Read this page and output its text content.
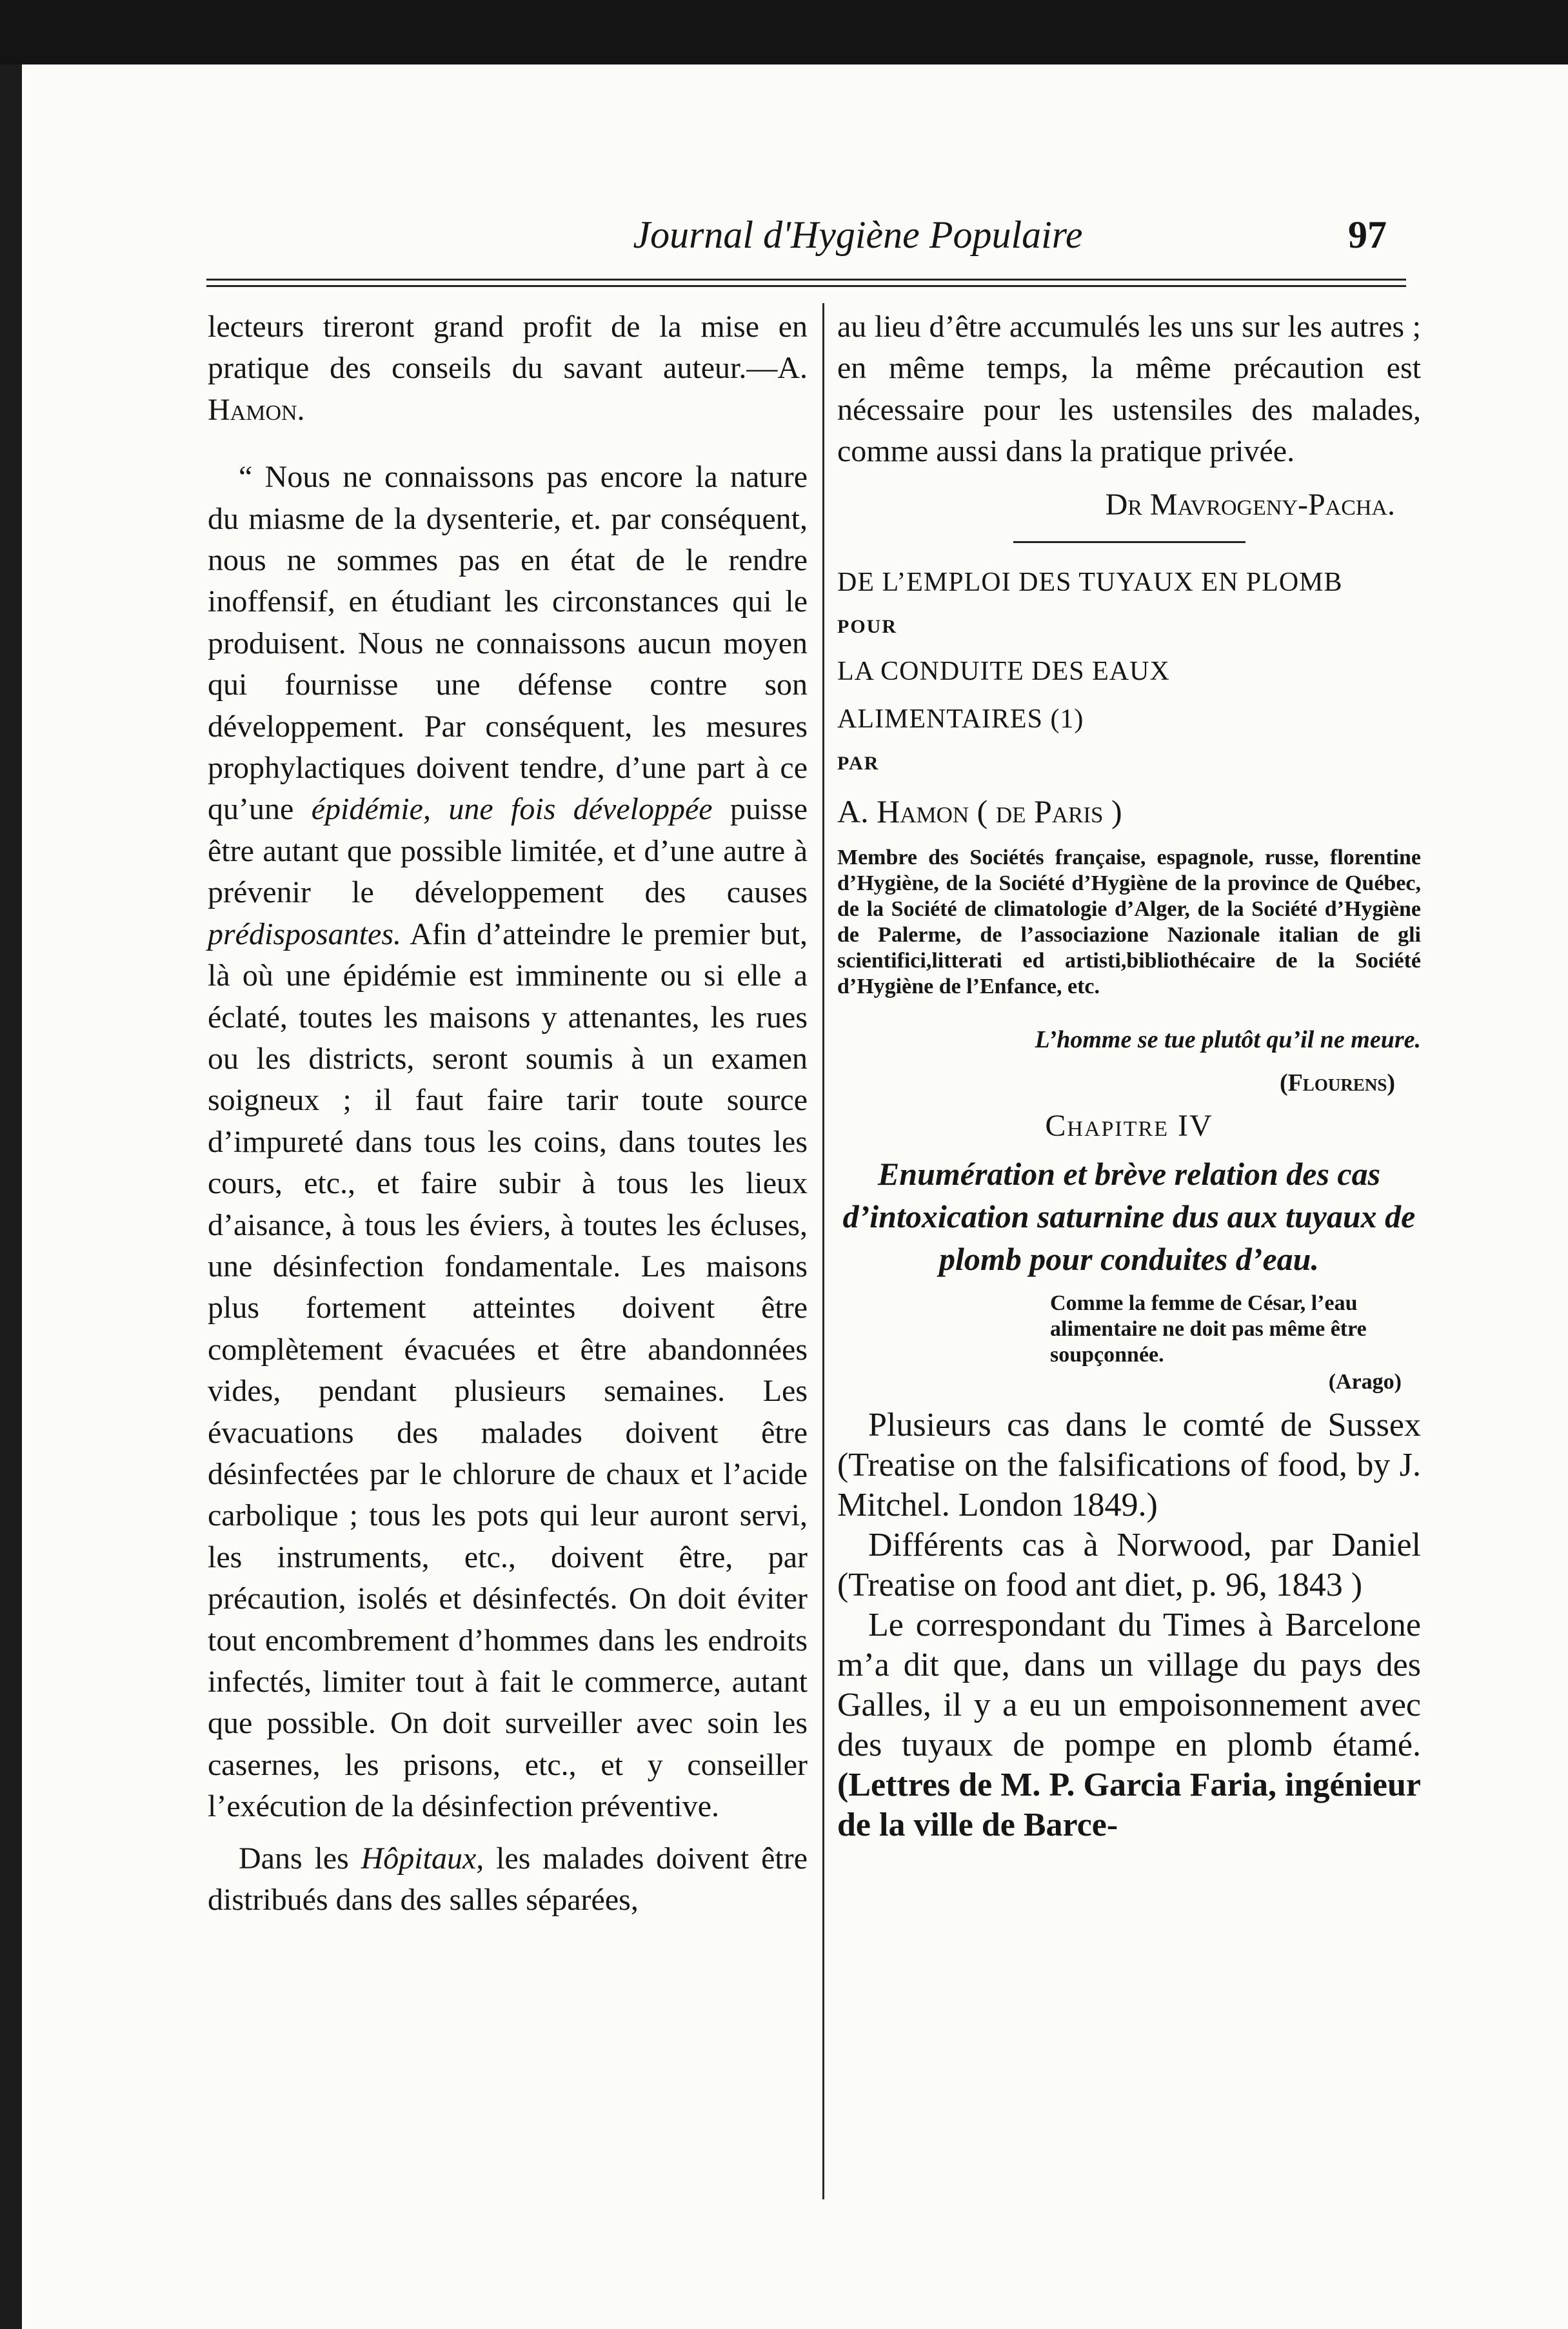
Journal d'Hygiène Populaire	97

lecteurs tireront grand profit de la mise en pratique des conseils du savant auteur.—A. Hamon.

“ Nous ne connaissons pas encore la nature du miasme de la dysenterie, et. par conséquent, nous ne sommes pas en état de le rendre inoffensif, en étudiant les circonstances qui le produisent. Nous ne connaissons aucun moyen qui fournisse une défense contre son développement. Par conséquent, les mesures prophylactiques doivent tendre, d’une part à ce qu’une épidémie, une fois développée puisse être autant que possible limitée, et d’une autre à prévenir le développement des causes prédisposantes. Afin d’atteindre le premier but, là où une épidémie est imminente ou si elle a éclaté, toutes les maisons y attenantes, les rues ou les districts, seront soumis à un examen soigneux ; il faut faire tarir toute source d’impureté dans tous les coins, dans toutes les cours, etc., et faire subir à tous les lieux d’aisance, à tous les éviers, à toutes les écluses, une désinfection fondamentale. Les maisons plus fortement atteintes doivent être complètement évacuées et être abandonnées vides, pendant plusieurs semaines. Les évacuations des malades doivent être désinfectées par le chlorure de chaux et l’acide carbolique ; tous les pots qui leur auront servi, les instruments, etc., doivent être, par précaution, isolés et désinfectés. On doit éviter tout encombrement d’hommes dans les endroits infectés, limiter tout à fait le commerce, autant que possible. On doit surveiller avec soin les casernes, les prisons, etc., et y conseiller l’exécution de la désinfection préventive.

Dans les Hôpitaux, les malades doivent être distribués dans des salles séparées,

au lieu d’être accumulés les uns sur les autres ; en même temps, la même précaution est nécessaire pour les ustensiles des malades, comme aussi dans la pratique privée.

Dr Mavrogeny-Pacha.

DE L’EMPLOI DES TUYAUX EN PLOMB

POUR

LA CONDUITE DES EAUX

ALIMENTAIRES (1)

PAR

A. Hamon ( de Paris )

Membre des Sociétés française, espagnole, russe, florentine d’Hygiène, de la Société d’Hygiène de la province de Québec, de la Société de climatologie d’Alger, de la Société d’Hygiène de Palerme, de l’associazione Nazionale italian de gli scientifici,litterati ed artisti,bibliothécaire de la Société d’Hygiène de l’Enfance, etc.

L’homme se tue plutôt qu’il ne meure.

(Flourens)

Chapitre IV

Enumération et brève relation des cas d’intoxication saturnine dus aux tuyaux de plomb pour conduites d’eau.

Comme la femme de César, l’eau alimentaire ne doit pas même être soupçonnée.

(Arago)

Plusieurs cas dans le comté de Sussex (Treatise on the falsifications of food, by J. Mitchel. London 1849.)

Différents cas à Norwood, par Daniel (Treatise on food ant diet, p. 96, 1843 )

Le correspondant du Times à Barcelone m’a dit que, dans un village du pays des Galles, il y a eu un empoisonnement avec des tuyaux de pompe en plomb étamé. (Lettres de M. P. Garcia Faria, ingénieur de la ville de Barce-
